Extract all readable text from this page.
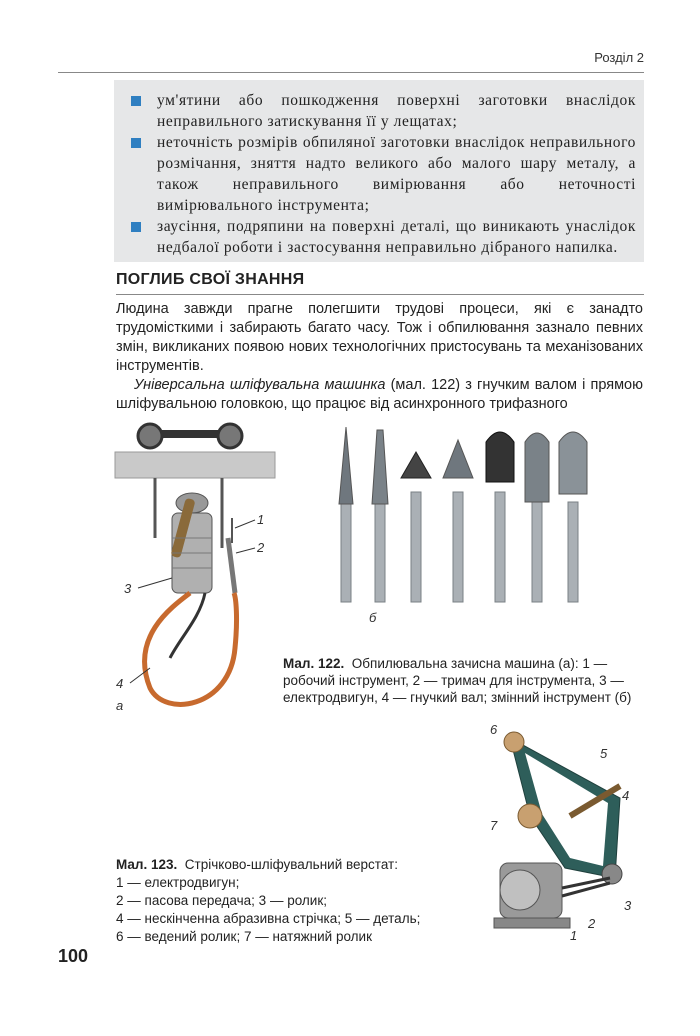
Розділ 2
ум'ятини або пошкодження поверхні заготовки внаслідок неправильного затискування її у лещатах;
неточність розмірів обпиляної заготовки внаслідок неправильного розмічання, зняття надто великого або малого шару металу, а також неправильного вимірювання або неточності вимірювального інструмента;
заусіння, подряпини на поверхні деталі, що виникають унаслідок недбалої роботи і застосування неправильно дібраного напилка.
ПОГЛИБ СВОЇ ЗНАННЯ
Людина завжди прагне полегшити трудові процеси, які є занадто трудомісткими і забирають багато часу. Тож і обпилювання зазнало певних змін, викликаних появою нових технологічних пристосувань та механізованих інструментів.
Універсальна шліфувальна машинка (мал. 122) з гнучким валом і прямою шліфувальною головкою, що працює від асинхронного трифазного
1
2
3
4
а
б
Мал. 122. Обпилювальна зачисна машина (а): 1 — робочий інструмент, 2 — тримач для інструмента, 3 — електродвигун, 4 — гнучкий вал; змінний інструмент (б)
6
5
4
7
3
2
1
Мал. 123. Стрічково-шліфувальний верстат:
1 — електродвигун;
2 — пасова передача; 3 — ролик;
4 — нескінченна абразивна стрічка; 5 — деталь;
6 — ведений ролик; 7 — натяжний ролик
100
